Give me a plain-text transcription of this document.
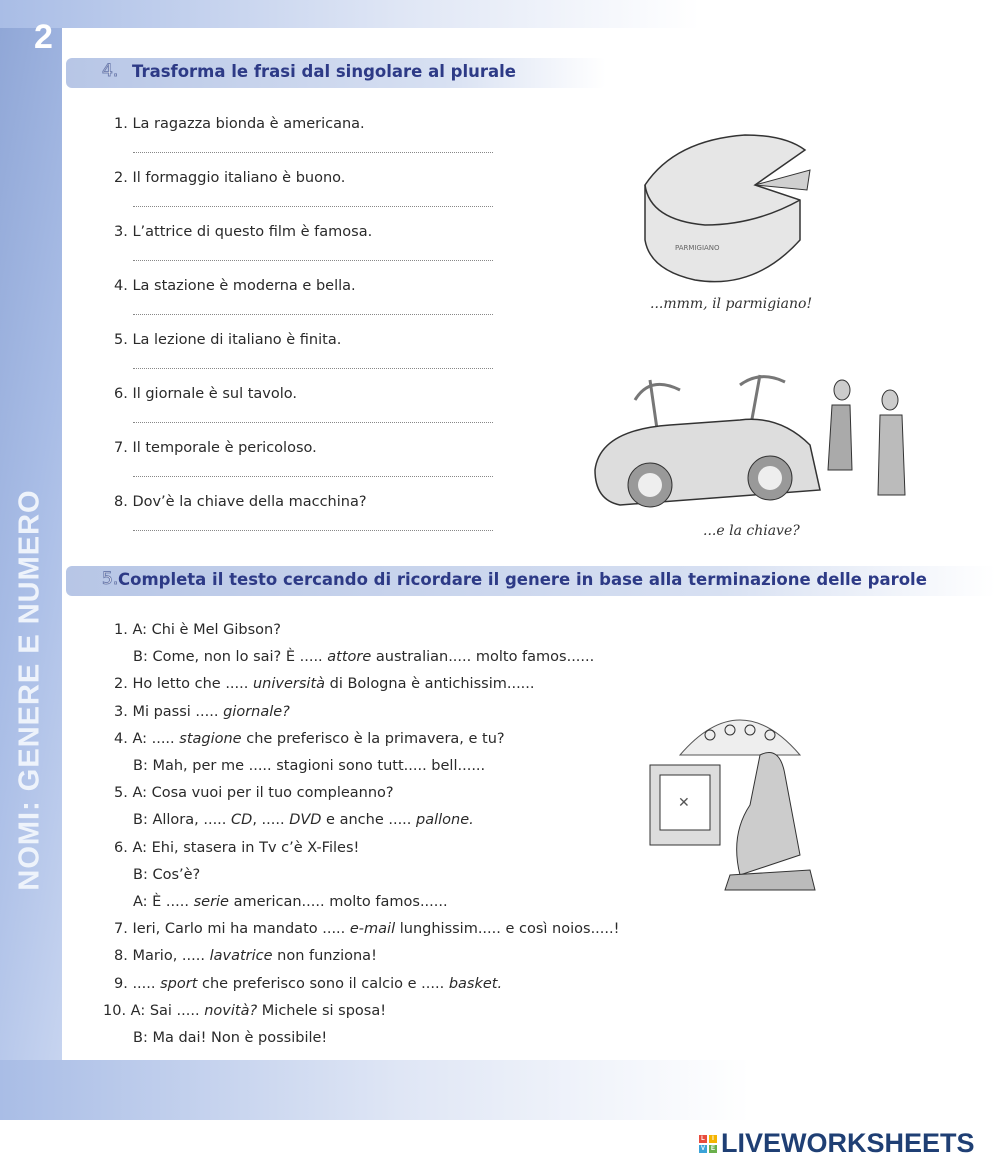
2
NOMI: GENERE E NUMERO
4. Trasforma le frasi dal singolare al plurale
1. La ragazza bionda è americana.
2. Il formaggio italiano è buono.
3. L’attrice di questo film è famosa.
4. La stazione è moderna e bella.
5. La lezione di italiano è finita.
6. Il giornale è sul tavolo.
7. Il temporale è pericoloso.
8. Dov’è la chiave della macchina?
PARMIGIANO
...mmm, il parmigiano!
...e la chiave?
5. Completa il testo cercando di ricordare il genere in base alla terminazione delle parole
1. A: Chi è Mel Gibson?
B: Come, non lo sai? È ..... attore australian..... molto famos......
2. Ho letto che ..... università di Bologna è antichissim......
3. Mi passi ..... giornale?
4. A: ..... stagione che preferisco è la primavera, e tu?
B: Mah, per me ..... stagioni sono tutt..... bell......
5. A: Cosa vuoi per il tuo compleanno?
B: Allora, ..... CD, ..... DVD e anche ..... pallone.
6. A: Ehi, stasera in Tv c’è X-Files!
B: Cos’è?
A: È ..... serie american..... molto famos......
7. Ieri, Carlo mi ha mandato ..... e-mail lunghissim..... e così noios.....!
8. Mario, ..... lavatrice non funziona!
9. ..... sport che preferisco sono il calcio e ..... basket.
10. A: Sai ..... novità? Michele si sposa!
B: Ma dai! Non è possibile!
✕
L	I
V E LIVEWORKSHEETS
